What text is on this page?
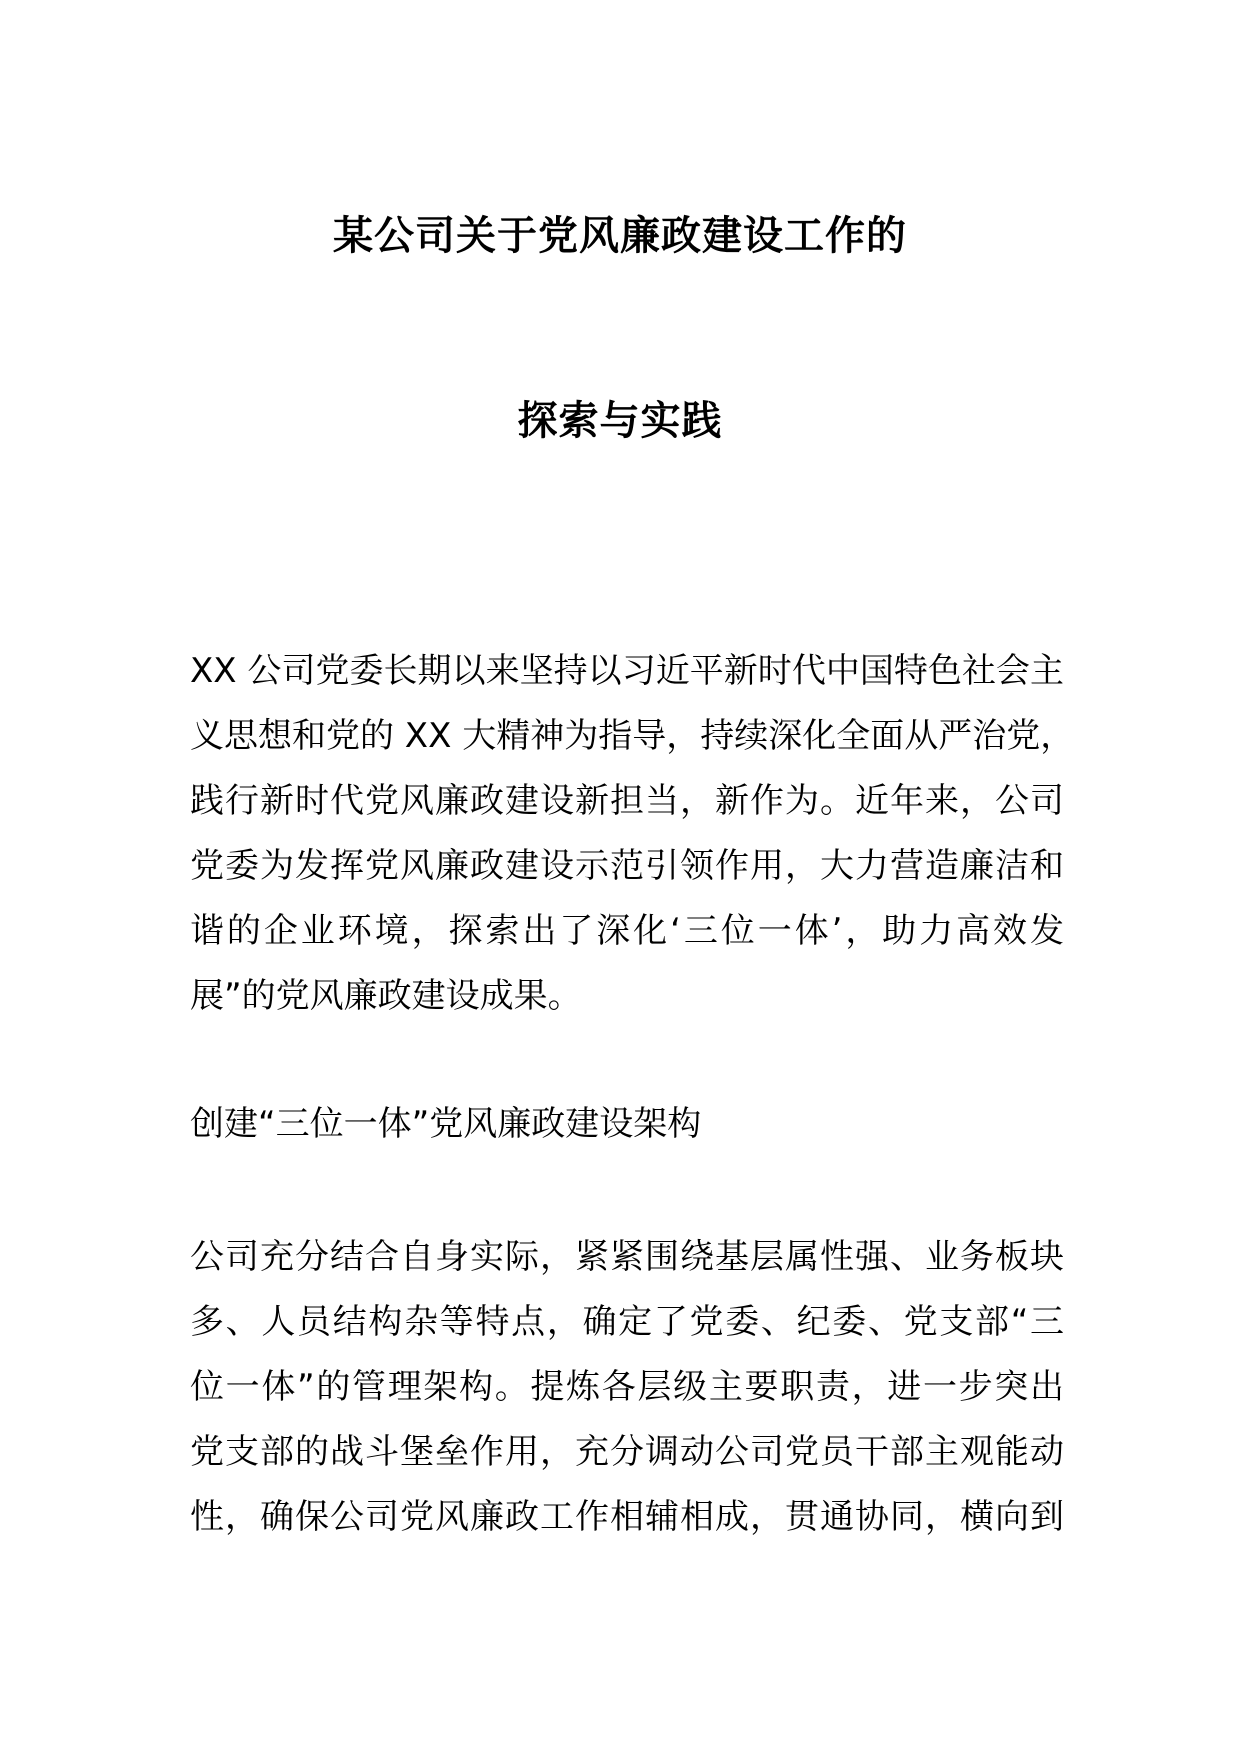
某公司关于党风廉政建设工作的
探索与实践
XX 公司党委长期以来坚持以习近平新时代中国特色社会主
义思想和党的 XX 大精神为指导，持续深化全面从严治党，
践行新时代党风廉政建设新担当，新作为。近年来，公司
党委为发挥党风廉政建设示范引领作用，大力营造廉洁和
谐的企业环境，探索出了深化‘三位一体’，助力高效发
展”的党风廉政建设成果。
创建“三位一体”党风廉政建设架构
公司充分结合自身实际，紧紧围绕基层属性强、业务板块
多、人员结构杂等特点，确定了党委、纪委、党支部“三
位一体”的管理架构。提炼各层级主要职责，进一步突出
党支部的战斗堡垒作用，充分调动公司党员干部主观能动
性，确保公司党风廉政工作相辅相成，贯通协同，横向到
